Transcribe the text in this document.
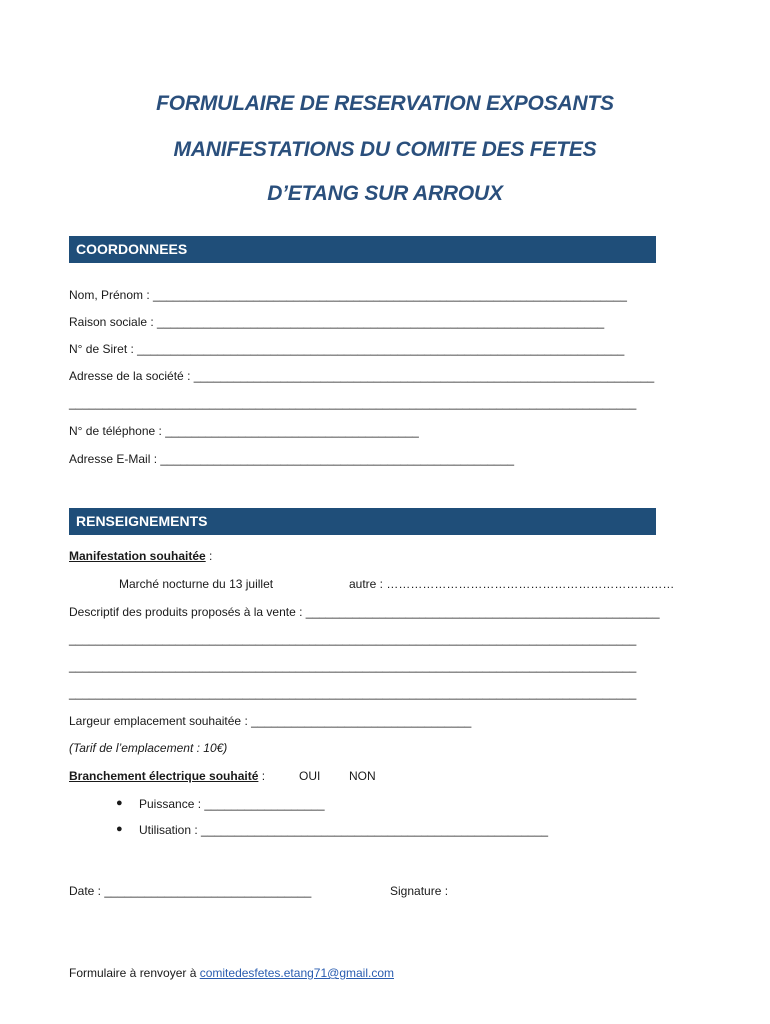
FORMULAIRE DE RESERVATION EXPOSANTS
MANIFESTATIONS DU COMITE DES FETES
D’ETANG SUR ARROUX
COORDONNEES
Nom, Prénom : _______________________________________________________________________
Raison sociale : ___________________________________________________________________
N° de Siret : _________________________________________________________________________
Adresse de la société : _____________________________________________________________________
_____________________________________________________________________________________
N° de téléphone : ______________________________________
Adresse E-Mail : _____________________________________________________
RENSEIGNEMENTS
Manifestation souhaitée :
Marché nocturne du 13 juillet	autre : ………………………………………………………………
Descriptif des produits proposés à la vente : _____________________________________________________
_____________________________________________________________________________________
_____________________________________________________________________________________
_____________________________________________________________________________________
Largeur emplacement souhaitée : _________________________________
(Tarif de l’emplacement : 10€)
Branchement électrique souhaité :	OUI NON
● Puissance : __________________
● Utilisation : ____________________________________________________
Date : _______________________________	Signature :
Formulaire à renvoyer à comitedesfetes.etang71@gmail.com
